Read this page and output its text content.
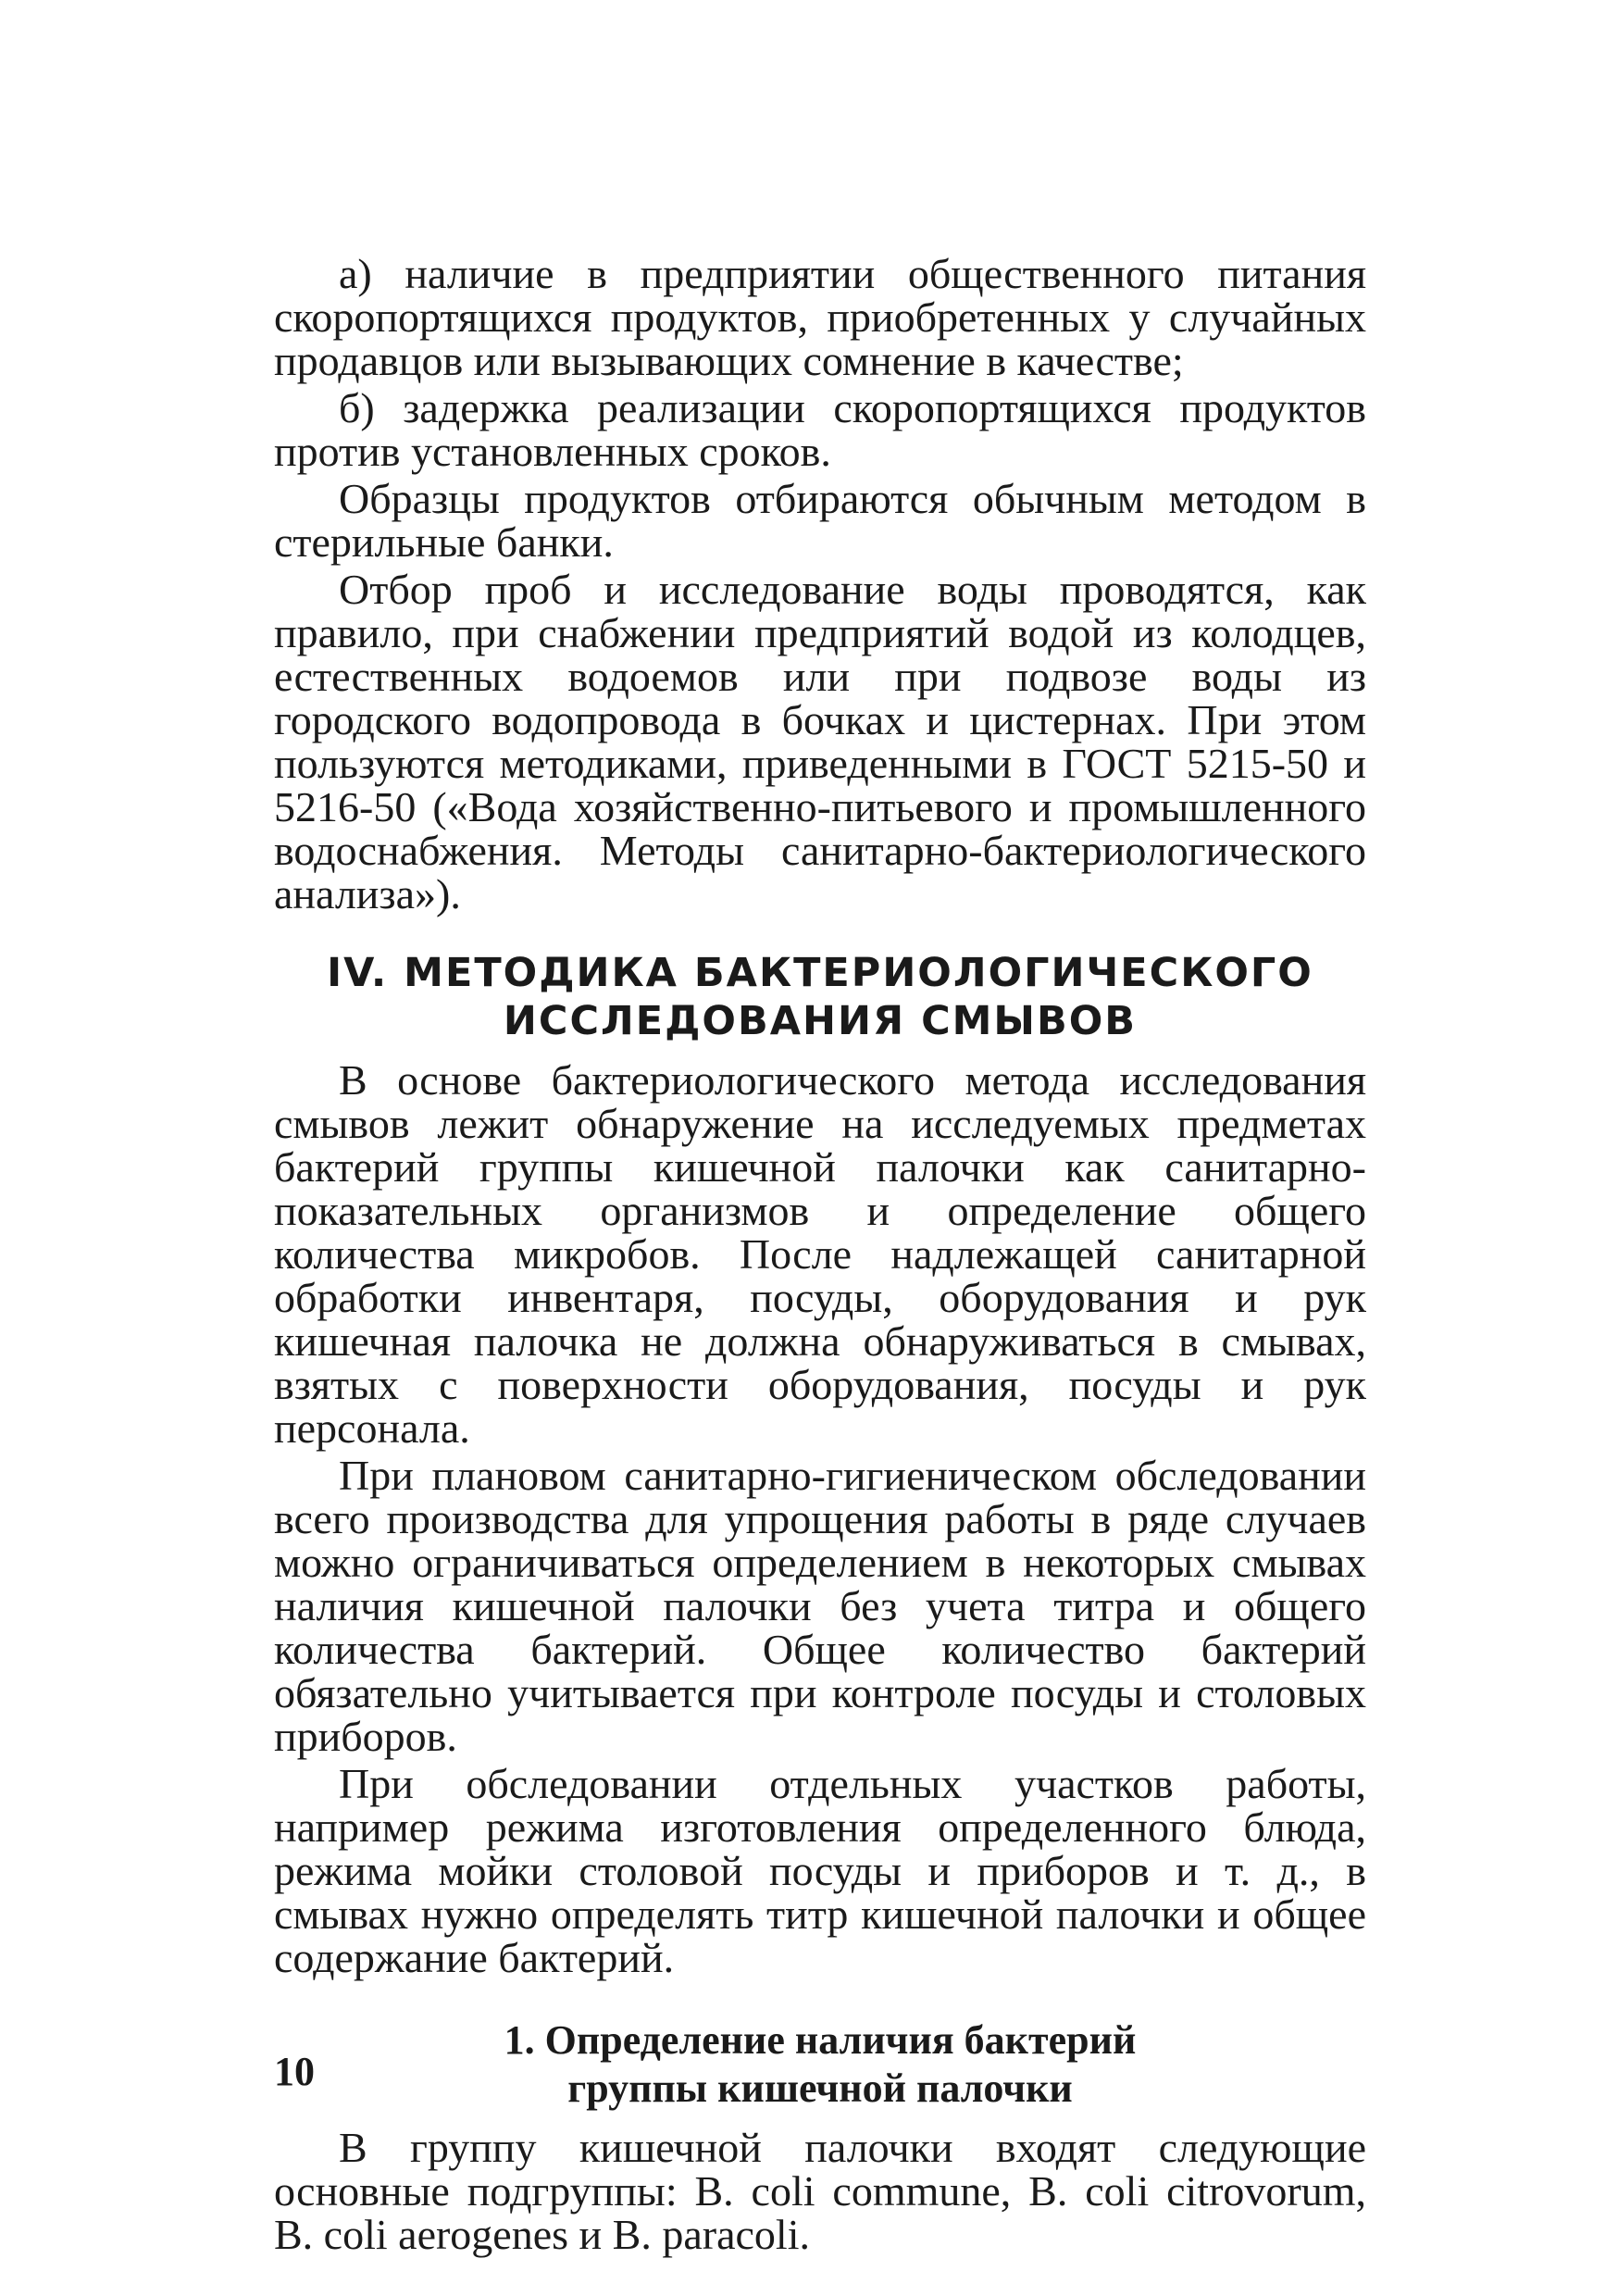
а) наличие в предприятии общественного питания скоропортящихся продуктов, приобретенных у случайных продавцов или вызывающих сомнение в качестве;

б) задержка реализации скоропортящихся продуктов против установленных сроков.

Образцы продуктов отбираются обычным методом в стерильные банки.

Отбор проб и исследование воды проводятся, как правило, при снабжении предприятий водой из колодцев, естественных водоемов или при подвозе воды из городского водопровода в бочках и цистернах. При этом пользуются методиками, приведенными в ГОСТ 5215-50 и 5216-50 («Вода хозяйственно-питьевого и промышленного водоснабжения. Методы санитарно-бактериологического анализа»).

IV. МЕТОДИКА БАКТЕРИОЛОГИЧЕСКОГО
ИССЛЕДОВАНИЯ СМЫВОВ

В основе бактериологического метода исследования смывов лежит обнаружение на исследуемых предметах бактерий группы кишечной палочки как санитарно-показательных организмов и определение общего количества микробов. После надлежащей санитарной обработки инвентаря, посуды, оборудования и рук кишечная палочка не должна обнаруживаться в смывах, взятых с поверхности оборудования, посуды и рук персонала.

При плановом санитарно-гигиеническом обследовании всего производства для упрощения работы в ряде случаев можно ограничиваться определением в некоторых смывах наличия кишечной палочки без учета титра и общего количества бактерий. Общее количество бактерий обязательно учитывается при контроле посуды и столовых приборов.

При обследовании отдельных участков работы, например режима изготовления определенного блюда, режима мойки столовой посуды и приборов и т. д., в смывах нужно определять титр кишечной палочки и общее содержание бактерий.

1. Определение наличия бактерий
группы кишечной палочки

В группу кишечной палочки входят следующие основные подгруппы: B. coli commune, B. coli citrovorum, B. coli aerogenes и B. paracoli.

10
